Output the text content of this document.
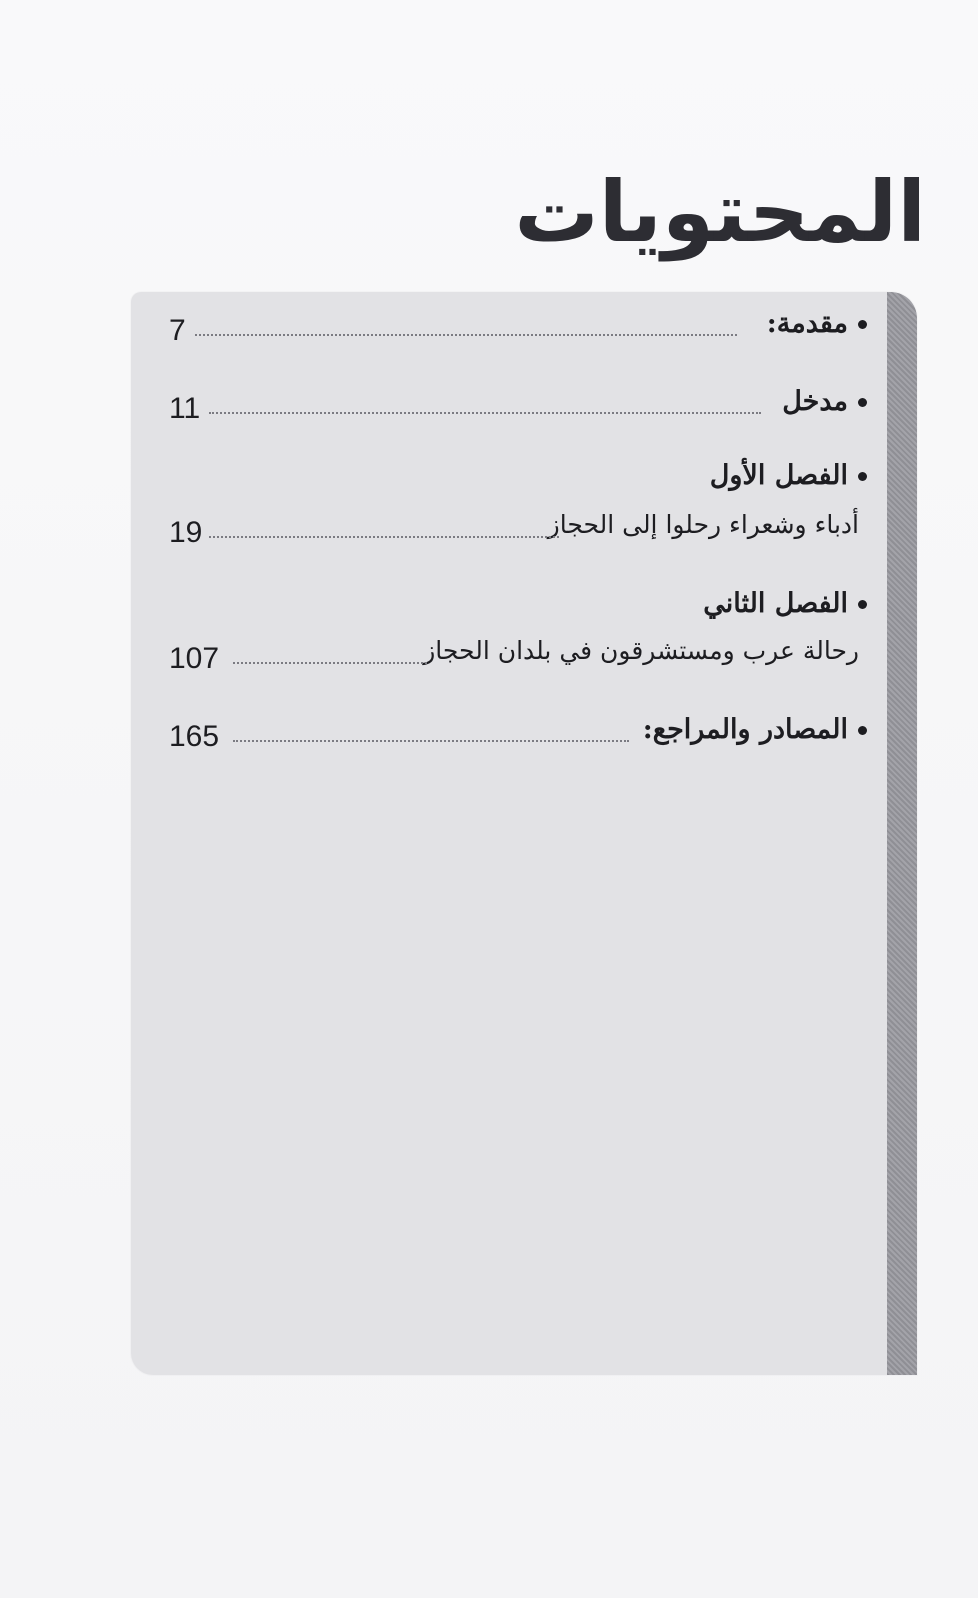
المحتويات
مقدمة:
7
مدخل
11
الفصل الأول
أدباء وشعراء رحلوا إلى الحجاز
19
الفصل الثاني
رحالة عرب ومستشرقون في بلدان الحجاز
107
المصادر والمراجع:
165
